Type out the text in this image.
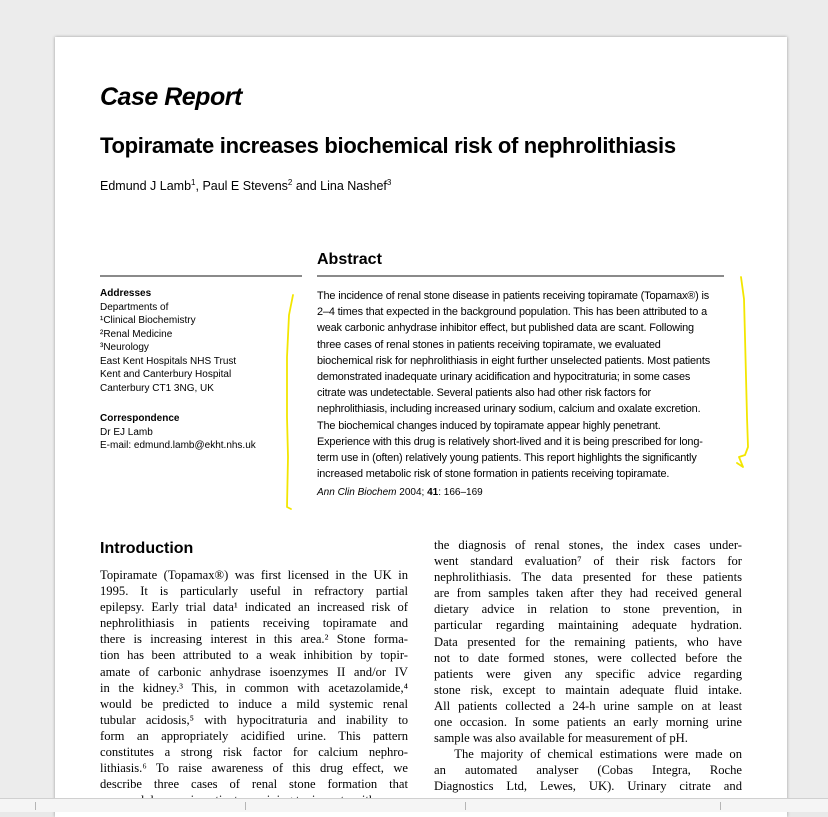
Case Report
Topiramate increases biochemical risk of nephrolithiasis
Edmund J Lamb$^1$, Paul E Stevens$^2$ and Lina Nashef$^3$
Abstract
Addresses
Departments of
¹Clinical Biochemistry
²Renal Medicine
³Neurology
East Kent Hospitals NHS Trust
Kent and Canterbury Hospital
Canterbury CT1 3NG, UK
Correspondence
Dr EJ Lamb
E-mail: edmund.lamb@ekht.nhs.uk
The incidence of renal stone disease in patients receiving topiramate (Topamax®) is
2–4 times that expected in the background population. This has been attributed to a
weak carbonic anhydrase inhibitor effect, but published data are scant. Following
three cases of renal stones in patients receiving topiramate, we evaluated
biochemical risk for nephrolithiasis in eight further unselected patients. Most patients
demonstrated inadequate urinary acidification and hypocitraturia; in some cases
citrate was undetectable. Several patients also had other risk factors for
nephrolithiasis, including increased urinary sodium, calcium and oxalate excretion.
The biochemical changes induced by topiramate appear highly penetrant.
Experience with this drug is relatively short-lived and it is being prescribed for long-
term use in (often) relatively young patients. This report highlights the significantly
increased metabolic risk of stone formation in patients receiving topiramate.
Ann Clin Biochem 2004; 41: 166–169
Introduction
Topiramate (Topamax®) was first licensed in the UK in
1995. It is particularly useful in refractory partial
epilepsy. Early trial data¹ indicated an increased risk of
nephrolithiasis in patients receiving topiramate and
there is increasing interest in this area.² Stone forma-
tion has been attributed to a weak inhibition by topir-
amate of carbonic anhydrase isoenzymes II and/or IV
in the kidney.³ This, in common with acetazolamide,⁴
would be predicted to induce a mild systemic renal
tubular acidosis,⁵ with hypocitraturia and inability to
form an appropriately acidified urine. This pattern
constitutes a strong risk factor for calcium nephro-
lithiasis.⁶ To raise awareness of this drug effect, we
describe three cases of renal stone formation that
the diagnosis of renal stones, the index cases under-
went standard evaluation⁷ of their risk factors for
nephrolithiasis. The data presented for these patients
are from samples taken after they had received general
dietary advice in relation to stone prevention, in
particular regarding maintaining adequate hydration.
Data presented for the remaining patients, who have
not to date formed stones, were collected before the
patients were given any specific advice regarding
stone risk, except to maintain adequate fluid intake.
All patients collected a 24-h urine sample on at least
one occasion. In some patients an early morning urine
sample was also available for measurement of pH.
The majority of chemical estimations were made on
an automated analyser (Cobas Integra, Roche
Diagnostics Ltd, Lewes, UK). Urinary citrate and
